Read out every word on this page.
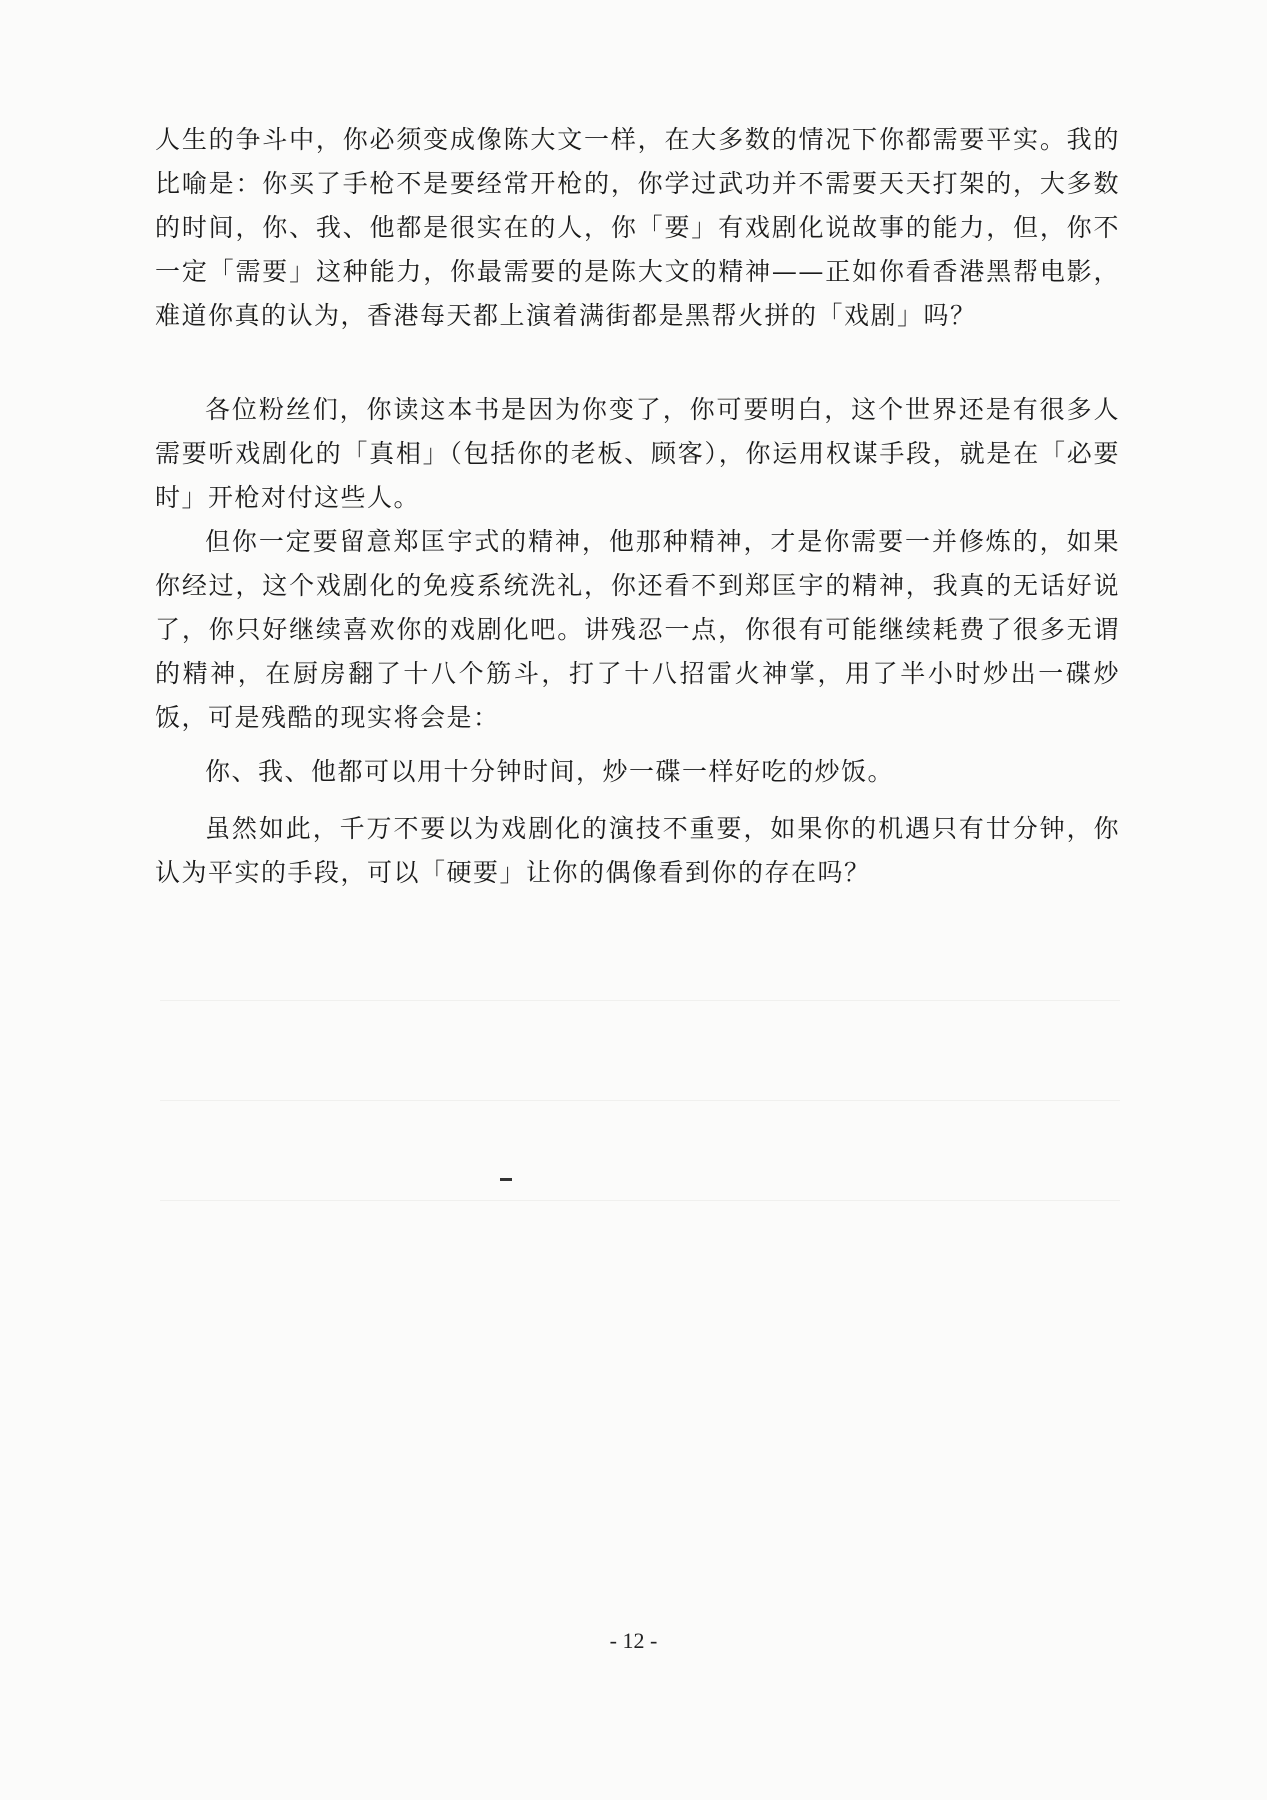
人生的争斗中，你必须变成像陈大文一样，在大多数的情况下你都需要平实。我的比喻是：你买了手枪不是要经常开枪的，你学过武功并不需要天天打架的，大多数的时间，你、我、他都是很实在的人，你「要」有戏剧化说故事的能力，但，你不一定「需要」这种能力，你最需要的是陈大文的精神——正如你看香港黑帮电影，难道你真的认为，香港每天都上演着满街都是黑帮火拼的「戏剧」吗？

各位粉丝们，你读这本书是因为你变了，你可要明白，这个世界还是有很多人需要听戏剧化的「真相」（包括你的老板、顾客），你运用权谋手段，就是在「必要时」开枪对付这些人。

但你一定要留意郑匡宇式的精神，他那种精神，才是你需要一并修炼的，如果你经过，这个戏剧化的免疫系统洗礼，你还看不到郑匡宇的精神，我真的无话好说了，你只好继续喜欢你的戏剧化吧。讲残忍一点，你很有可能继续耗费了很多无谓的精神，在厨房翻了十八个筋斗，打了十八招雷火神掌，用了半小时炒出一碟炒饭，可是残酷的现实将会是：

你、我、他都可以用十分钟时间，炒一碟一样好吃的炒饭。

虽然如此，千万不要以为戏剧化的演技不重要，如果你的机遇只有廿分钟，你认为平实的手段，可以「硬要」让你的偶像看到你的存在吗？

- 12 -
